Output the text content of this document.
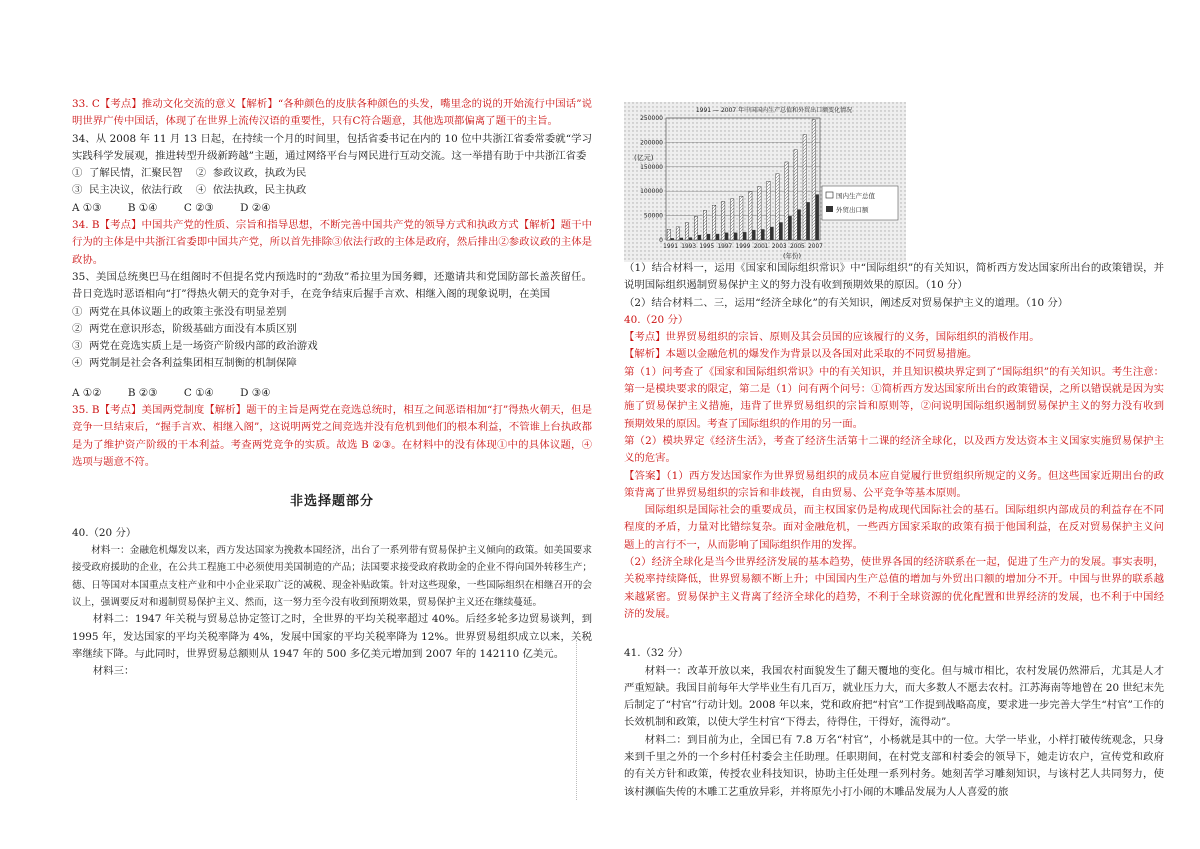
33. C【考点】推动文化交流的意义【解析】“各种颜色的皮肤各种颜色的头发，嘴里念的说的开始流行中国话”说明世界广传中国话，体现了在世界上流传汉语的重要性，只有C符合题意，其他选项都偏离了题干的主旨。

34、从 2008 年 11 月 13 日起，在持续一个月的时间里，包括省委书记在内的 10 位中共浙江省委常委就“学习实践科学发展观，推进转型升级新跨越”主题，通过网络平台与网民进行互动交流。这一举措有助于中共浙江省委

①  了解民情，汇聚民智    ②  参政议政，执政为民

③  民主决议，依法行政    ④  依法执政，民主执政

A ①③        B ①④        C ②③        D ②④

34. B【考点】中国共产党的性质、宗旨和指导思想，不断完善中国共产党的领导方式和执政方式【解析】题干中行为的主体是中共浙江省委即中国共产党，所以首先排除③依法行政的主体是政府，然后排出②参政议政的主体是政协。

35、美国总统奥巴马在组阁时不但提名党内预选时的“劲敌”希拉里为国务卿，还邀请共和党国防部长盖茨留任。昔日竞选时恶语相向“打”得热火朝天的竞争对手，在竞争结束后握手言欢、相继入阁的现象说明，在美国

①  两党在具体议题上的政策主张没有明显差别

②  两党在意识形态，阶级基础方面没有本质区别

③  两党在竞选实质上是一场资产阶级内部的政治游戏

④  两党制是社会各利益集团相互制衡的机制保障

A ①②        B ②③        C ①④        D ③④

35. B【考点】美国两党制度【解析】题干的主旨是两党在竞选总统时，相互之间恶语相加“打”得热火朝天，但是竞争一旦结束后，“握手言欢、相继入阁”，这说明两党之间竞选并没有危机到他们的根本利益，不管谁上台执政都是为了维护资产阶级的干本利益。考查两党竞争的实质。故选 B ②③。在材料中的没有体现①中的具体议题，④选项与题意不符。

非选择题部分

40.（20 分）

材料一：金融危机爆发以来，西方发达国家为挽救本国经济，出台了一系列带有贸易保护主义倾向的政策。如美国要求接受政府援助的企业，在公共工程施工中必须使用美国制造的产品；法国要求接受政府救助金的企业不得向国外转移生产；德、日等国对本国重点支柱产业和中小企业采取广泛的减税、现金补贴政策。针对这些现象，一些国际组织在相继召开的会议上，强调要反对和遏制贸易保护主义、然而，这一努力至今没有收到预期效果，贸易保护主义还在继续蔓延。

材料二：1947 年关税与贸易总协定签订之时，全世界的平均关税率超过 40%。后经多轮多边贸易谈判，到 1995 年，发达国家的平均关税率降为 4%，发展中国家的平均关税率降为 12%。世界贸易组织成立以来，关税率继续下降。与此同时，世界贸易总额则从 1947 年的 500 多亿美元增加到 2007 年的 142110 亿美元。

材料三：

1991 — 2007 年中国国内生产总值和外贸出口额变化情况
(亿元)
(年份)
0
50000
100000
150000
200000
250000
1991 1993 1995 1997 1999 2001 2003 2005 2007
国内生产总值
外贸出口额

（1）结合材料一，运用《国家和国际组织常识》中“国际组织”的有关知识，简析西方发达国家所出台的政策错误，并说明国际组织遏制贸易保护主义的努力没有收到预期效果的原因。（10 分）

（2）结合材料二、三，运用“经济全球化”的有关知识，阐述反对贸易保护主义的道理。（10 分）

40.（20 分）

【考点】世界贸易组织的宗旨、原则及其会员国的应该履行的义务，国际组织的消极作用。

【解析】本题以金融危机的爆发作为背景以及各国对此采取的不同贸易措施。

第（1）问考查了《国家和国际组织常识》中的有关知识，并且知识模块界定到了“国际组织”的有关知识。考生注意：第一是模块要求的限定，第二是（1）问有两个问号：①简析西方发达国家所出台的政策错误，之所以错误就是因为实施了贸易保护主义措施，违背了世界贸易组织的宗旨和原则等，②问说明国际组织遏制贸易保护主义的努力没有收到预期效果的原因。考查了国际组织的作用的另一面。

第（2）模块界定《经济生活》，考查了经济生活第十二课的经济全球化，以及西方发达资本主义国家实施贸易保护主义的危害。

【答案】（1）西方发达国家作为世界贸易组织的成员本应自觉履行世贸组织所规定的义务。但这些国家近期出台的政策背离了世界贸易组织的宗旨和非歧视，自由贸易、公平竞争等基本原则。

国际组织是国际社会的重要成员，而主权国家仍是构成现代国际社会的基石。国际组织内部成员的利益存在不同程度的矛盾，力量对比错综复杂。面对金融危机，一些西方国家采取的政策有损于他国利益，在反对贸易保护主义问题上的言行不一，从而影响了国际组织作用的发挥。

（2）经济全球化是当今世界经济发展的基本趋势，使世界各国的经济联系在一起，促进了生产力的发展。事实表明，关税率持续降低，世界贸易额不断上升；中国国内生产总值的增加与外贸出口额的增加分不开。中国与世界的联系越来越紧密。贸易保护主义背离了经济全球化的趋势，不利于全球资源的优化配置和世界经济的发展，也不利于中国经济的发展。

41.（32 分）

材料一：改革开放以来，我国农村面貌发生了翻天覆地的变化。但与城市相比，农村发展仍然滞后，尤其是人才严重短缺。我国目前每年大学毕业生有几百万，就业压力大，而大多数人不愿去农村。江苏海南等地曾在 20 世纪末先后制定了“村官”行动计划。2008 年以来，党和政府把“村官”工作提到战略高度，要求进一步完善大学生“村官”工作的长效机制和政策，以使大学生村官“下得去，待得住，干得好，流得动”。

材料二：到目前为止，全国已有 7.8 万名“村官”，小杨就是其中的一位。大学一毕业，小样打破传统观念，只身来到千里之外的一个乡村任村委会主任助理。任职期间，在村党支部和村委会的领导下，她走访农户，宣传党和政府的有关方针和政策，传授农业科技知识，协助主任处理一系列村务。她刻苦学习雕刻知识，与该村艺人共同努力，使该村濒临失传的木雕工艺重放异彩，并将原先小打小闹的木雕品发展为人人喜爱的旅
